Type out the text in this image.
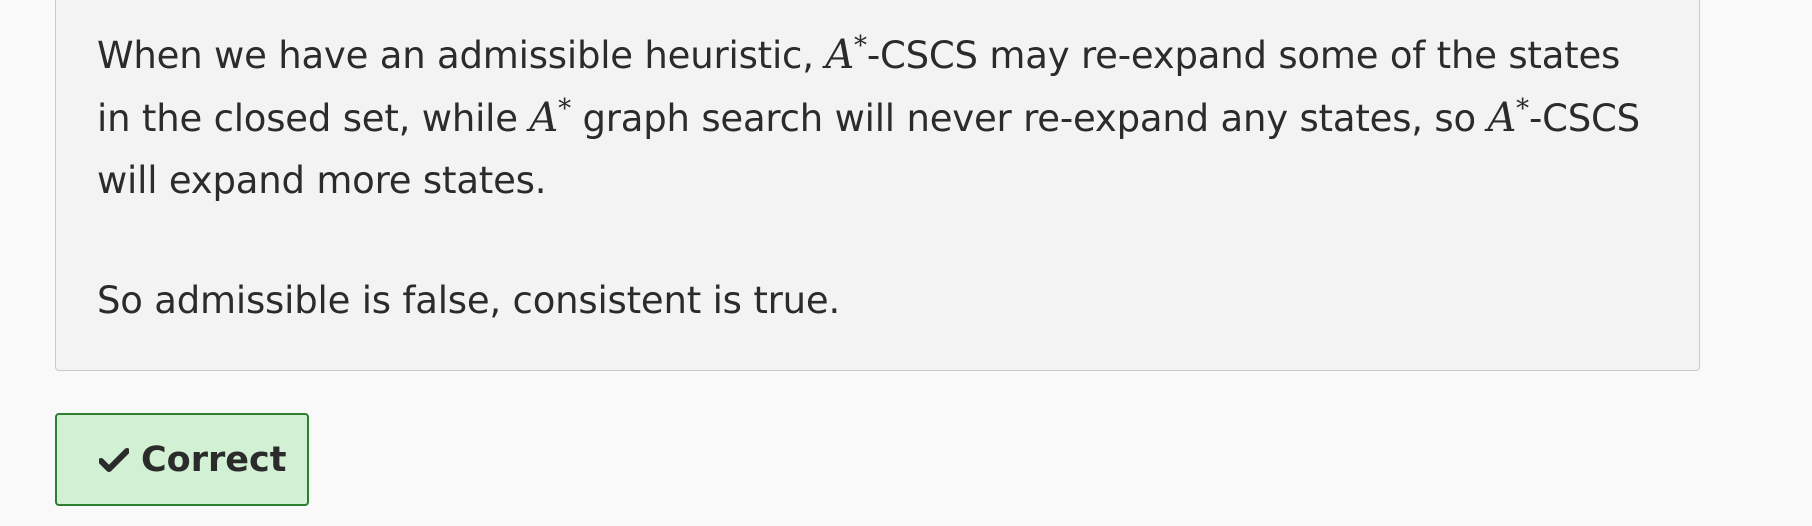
When we have an admissible heuristic, A*-CSCS may re-expand some of the states in the closed set, while A* graph search will never re-expand any states, so A*-CSCS will expand more states.

So admissible is false, consistent is true.

Correct
